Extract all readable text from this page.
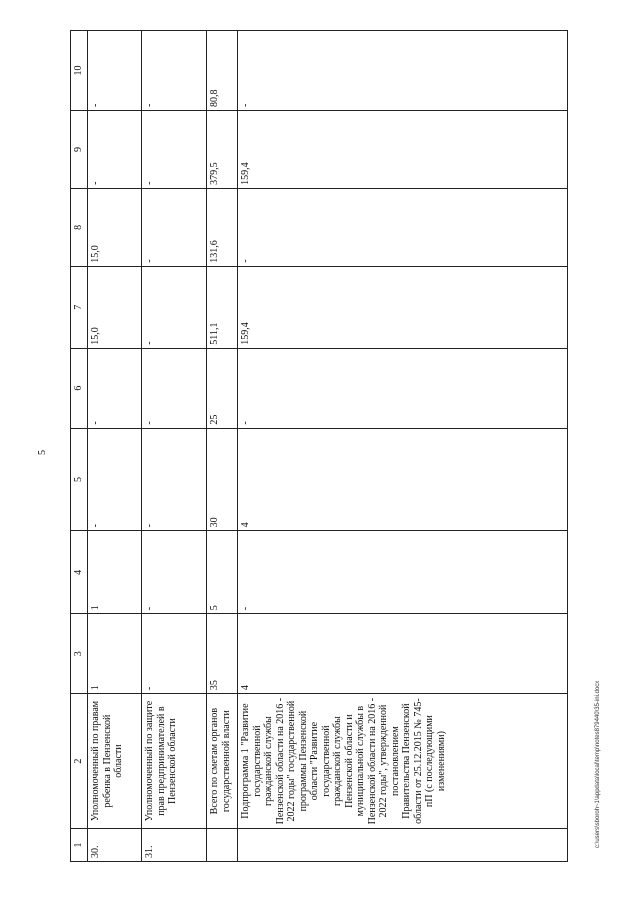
5
1	2	3	4	5	6	7	8	9	10
30.	Уполномоченный по правам ребенка в Пензенской области	1	1	-	-	15,0	15,0	-	-
31.	Уполномоченный по защите прав предпринимателей в Пензенской области	-	-	-	-	-	-	-	-
	Всего по сметам органов государственной власти	35	5	30	25	511,1	131,6	379,5	80,8
	Подпрограмма 1 "Развитие государственной гражданской службы Пензенской области на 2016 - 2022 годы" государственной программы Пензенской области "Развитие государственной гражданской службы Пензенской области и муниципальной службы в Пензенской области на 2016 - 2022 годы", утвержденной постановлением Правительства Пензенской области от 25.12.2015 № 745-пП (с последующими изменениями)	4	-	4	-	159,4	-	159,4	-
c:\users\sboroh~1\appdata\local\temp\notes879440\35-ini.docx
